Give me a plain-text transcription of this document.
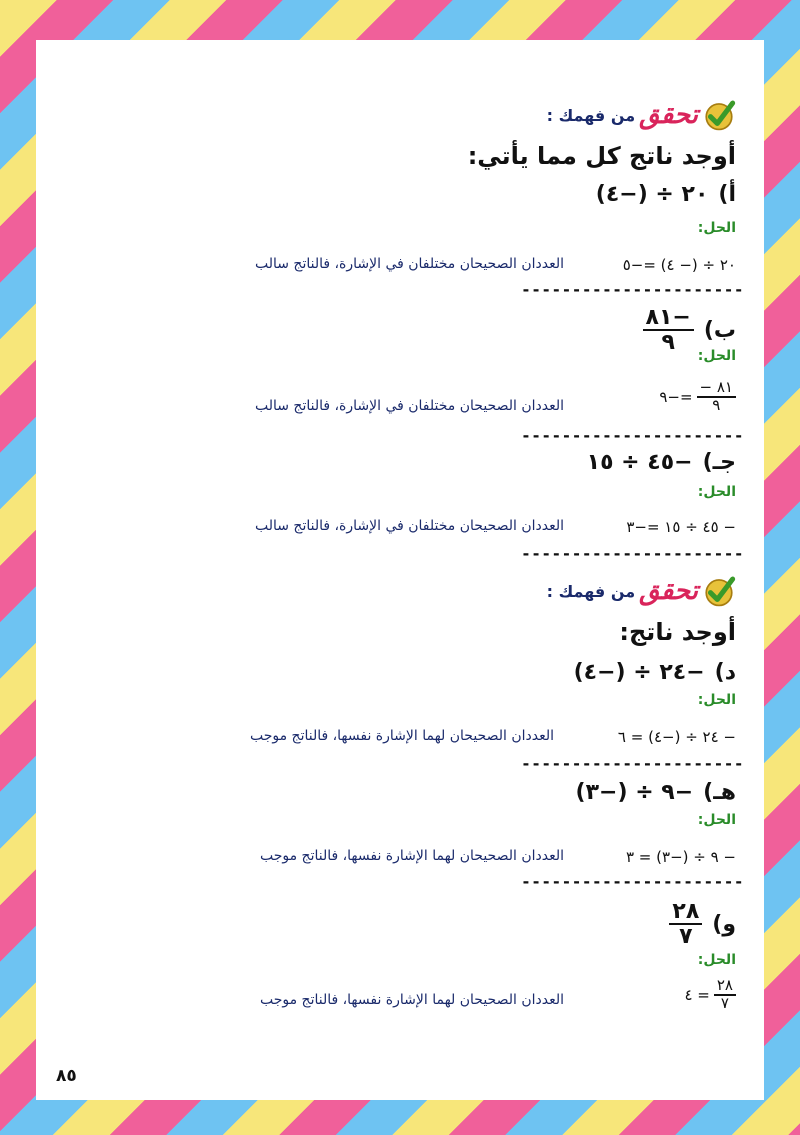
تحقق
من فهمك :
أوجد ناتج كل مما يأتي:
أ)
٢٠ ÷ (−٤)
الحل:
٢٠ ÷ (− ٤) =−٥
العددان الصحيحان مختلفان في الإشارة، فالناتج سالب
----------------------
ب)
$\frac{-٨١}{٩}$
الحل:
$\frac{٨١ -}{٩}$
=−٩
العددان الصحيحان مختلفان في الإشارة، فالناتج سالب
----------------------
جـ)
−٤٥ ÷ ١٥
الحل:
− ٤٥ ÷ ١٥ =−٣
العددان الصحيحان مختلفان في الإشارة، فالناتج سالب
----------------------
تحقق
من فهمك :
أوجد ناتج:
د)
−٢٤ ÷ (−٤)
الحل:
− ٢٤ ÷ (−٤) = ٦
العددان الصحيحان لهما الإشارة نفسها، فالناتج موجب
----------------------
هـ)
−٩ ÷ (−٣)
الحل:
− ٩ ÷ (−٣) = ٣
العددان الصحيحان لهما الإشارة نفسها، فالناتج موجب
----------------------
و)
$\frac{٢٨}{٧}$
الحل:
$\frac{٢٨}{٧}$
= ٤
العددان الصحيحان لهما الإشارة نفسها، فالناتج موجب
٨٥
